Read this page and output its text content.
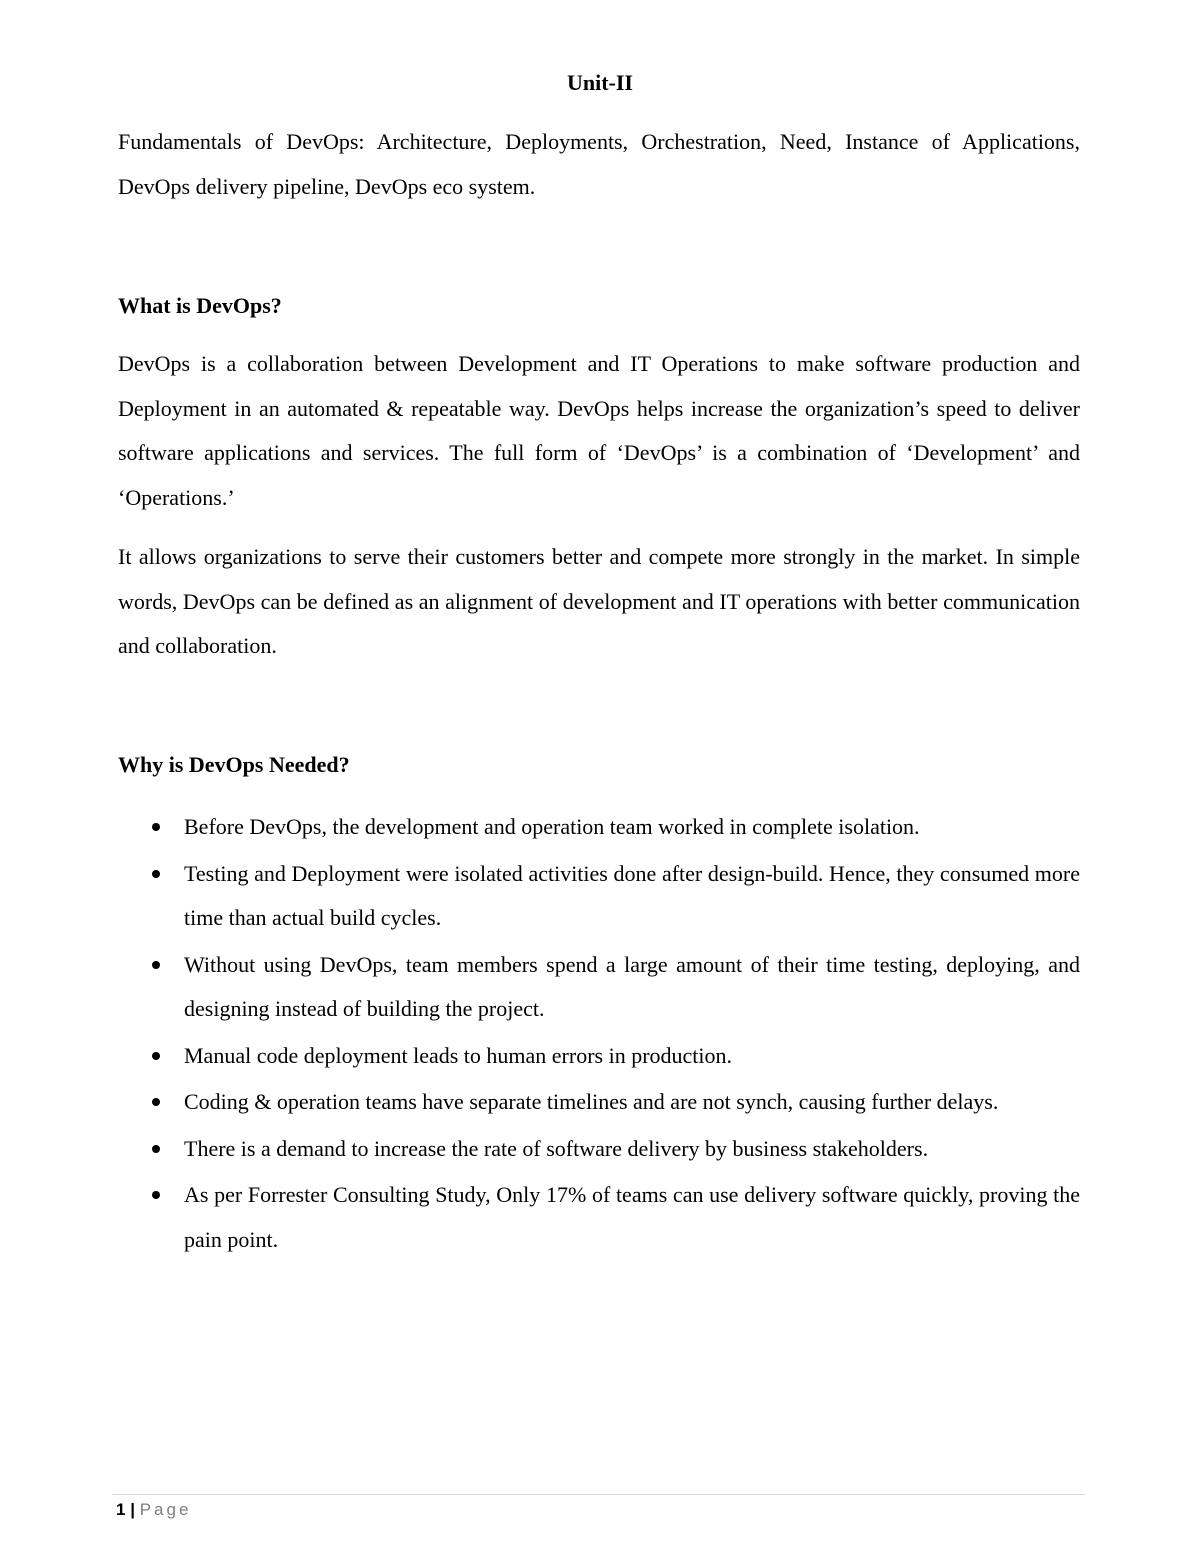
Unit-II

Fundamentals of DevOps: Architecture, Deployments, Orchestration, Need, Instance of Applications, DevOps delivery pipeline, DevOps eco system.

What is DevOps?

DevOps is a collaboration between Development and IT Operations to make software production and Deployment in an automated & repeatable way. DevOps helps increase the organization’s speed to deliver software applications and services. The full form of ‘DevOps’ is a combination of ‘Development’ and ‘Operations.’

It allows organizations to serve their customers better and compete more strongly in the market. In simple words, DevOps can be defined as an alignment of development and IT operations with better communication and collaboration.

Why is DevOps Needed?
Before DevOps, the development and operation team worked in complete isolation.
Testing and Deployment were isolated activities done after design-build. Hence, they consumed more time than actual build cycles.
Without using DevOps, team members spend a large amount of their time testing, deploying, and designing instead of building the project.
Manual code deployment leads to human errors in production.
Coding & operation teams have separate timelines and are not synch, causing further delays.
There is a demand to increase the rate of software delivery by business stakeholders.
As per Forrester Consulting Study, Only 17% of teams can use delivery software quickly, proving the pain point.
1 | Page
